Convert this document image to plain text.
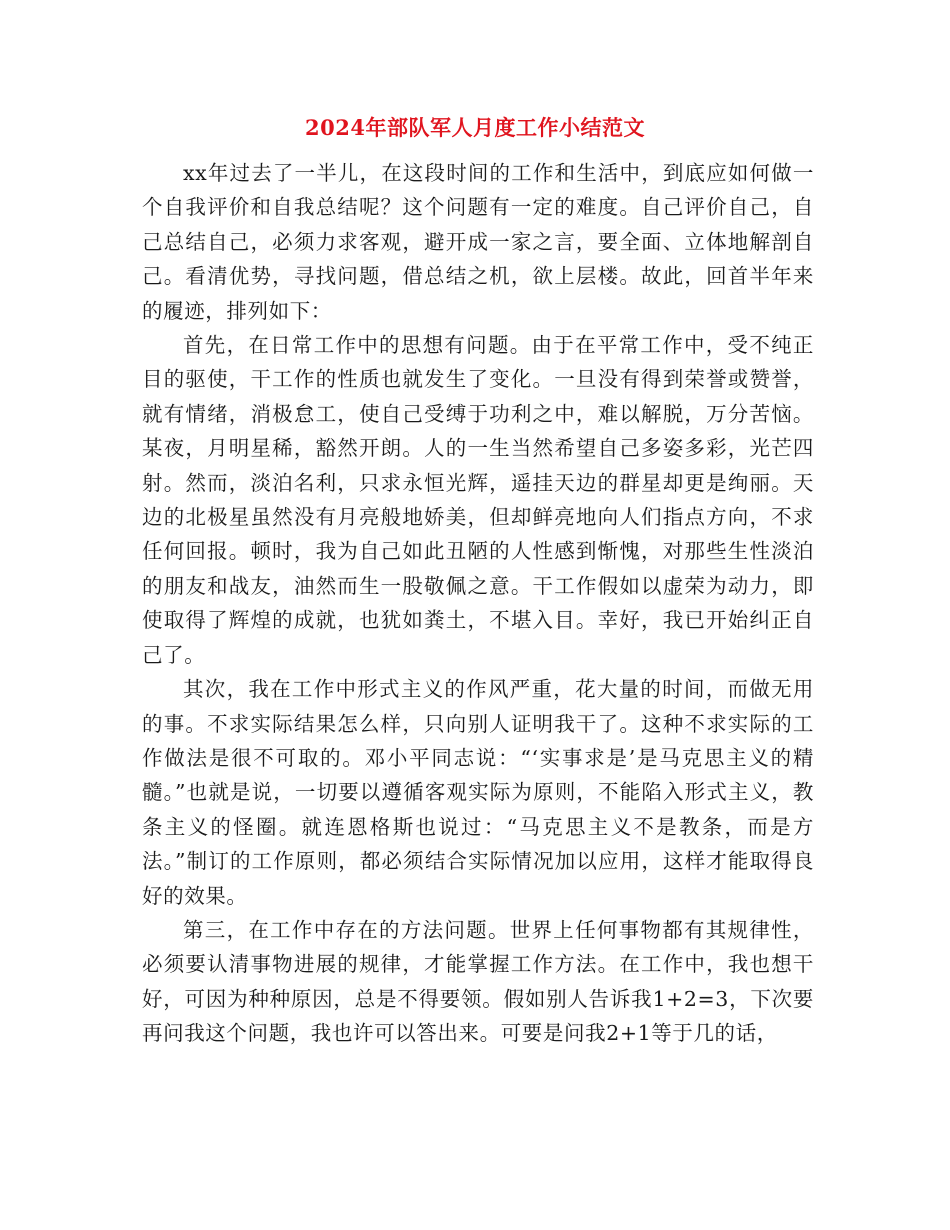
2024年部队军人月度工作小结范文

xx年过去了一半儿，在这段时间的工作和生活中，到底应如何做一个自我评价和自我总结呢？这个问题有一定的难度。自己评价自己，自己总结自己，必须力求客观，避开成一家之言，要全面、立体地解剖自己。看清优势，寻找问题，借总结之机，欲上层楼。故此，回首半年来的履迹，排列如下：

首先，在日常工作中的思想有问题。由于在平常工作中，受不纯正目的驱使，干工作的性质也就发生了变化。一旦没有得到荣誉或赞誉，就有情绪，消极怠工，使自己受缚于功利之中，难以解脱，万分苦恼。某夜，月明星稀，豁然开朗。人的一生当然希望自己多姿多彩，光芒四射。然而，淡泊名利，只求永恒光辉，遥挂天边的群星却更是绚丽。天边的北极星虽然没有月亮般地娇美，但却鲜亮地向人们指点方向，不求任何回报。顿时，我为自己如此丑陋的人性感到惭愧，对那些生性淡泊的朋友和战友，油然而生一股敬佩之意。干工作假如以虚荣为动力，即使取得了辉煌的成就，也犹如粪土，不堪入目。幸好，我已开始纠正自己了。

其次，我在工作中形式主义的作风严重，花大量的时间，而做无用的事。不求实际结果怎么样，只向别人证明我干了。这种不求实际的工作做法是很不可取的。邓小平同志说：“‘实事求是’是马克思主义的精髓。”也就是说，一切要以遵循客观实际为原则，不能陷入形式主义，教条主义的怪圈。就连恩格斯也说过：“马克思主义不是教条，而是方法。”制订的工作原则，都必须结合实际情况加以应用，这样才能取得良好的效果。

第三，在工作中存在的方法问题。世界上任何事物都有其规律性，必须要认清事物进展的规律，才能掌握工作方法。在工作中，我也想干好，可因为种种原因，总是不得要领。假如别人告诉我1+2=3，下次要再问我这个问题，我也许可以答出来。可要是问我2+1等于几的话，
